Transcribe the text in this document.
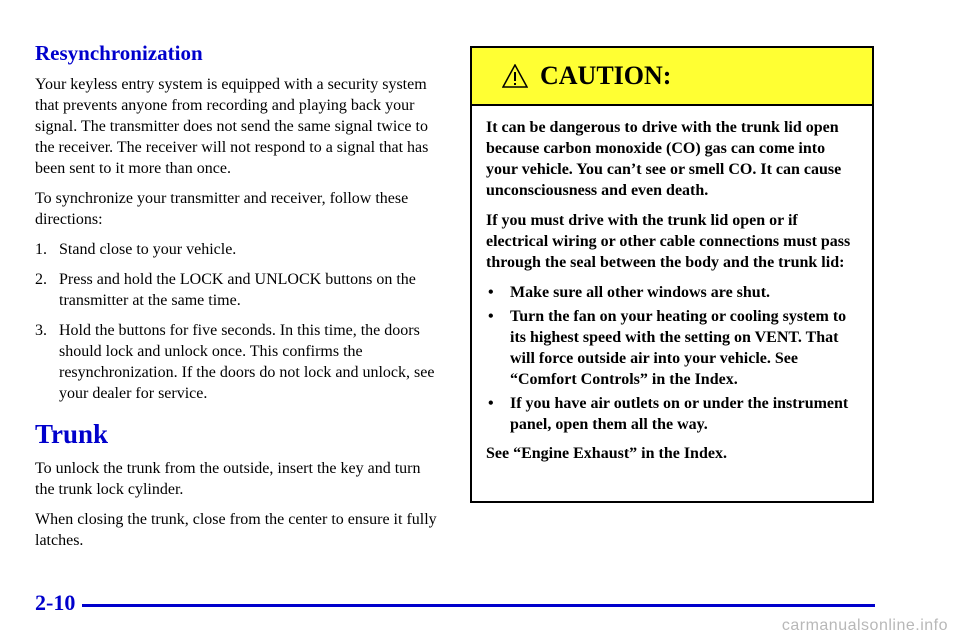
Resynchronization

Your keyless entry system is equipped with a security system that prevents anyone from recording and playing back your signal. The transmitter does not send the same signal twice to the receiver. The receiver will not respond to a signal that has been sent to it more than once.

To synchronize your transmitter and receiver, follow these directions:

1. Stand close to your vehicle.
2. Press and hold the LOCK and UNLOCK buttons on the transmitter at the same time.
3. Hold the buttons for five seconds. In this time, the doors should lock and unlock once. This confirms the resynchronization. If the doors do not lock and unlock, see your dealer for service.
Trunk

To unlock the trunk from the outside, insert the key and turn the trunk lock cylinder.

When closing the trunk, close from the center to ensure it fully latches.

CAUTION:

It can be dangerous to drive with the trunk lid open because carbon monoxide (CO) gas can come into your vehicle. You can’t see or smell CO. It can cause unconsciousness and even death.

If you must drive with the trunk lid open or if electrical wiring or other cable connections must pass through the seal between the body and the trunk lid:

• Make sure all other windows are shut.
• Turn the fan on your heating or cooling system to its highest speed with the setting on VENT. That will force outside air into your vehicle. See “Comfort Controls” in the Index.
• If you have air outlets on or under the instrument panel, open them all the way.

See “Engine Exhaust” in the Index.

2-10
carmanualsonline.info
